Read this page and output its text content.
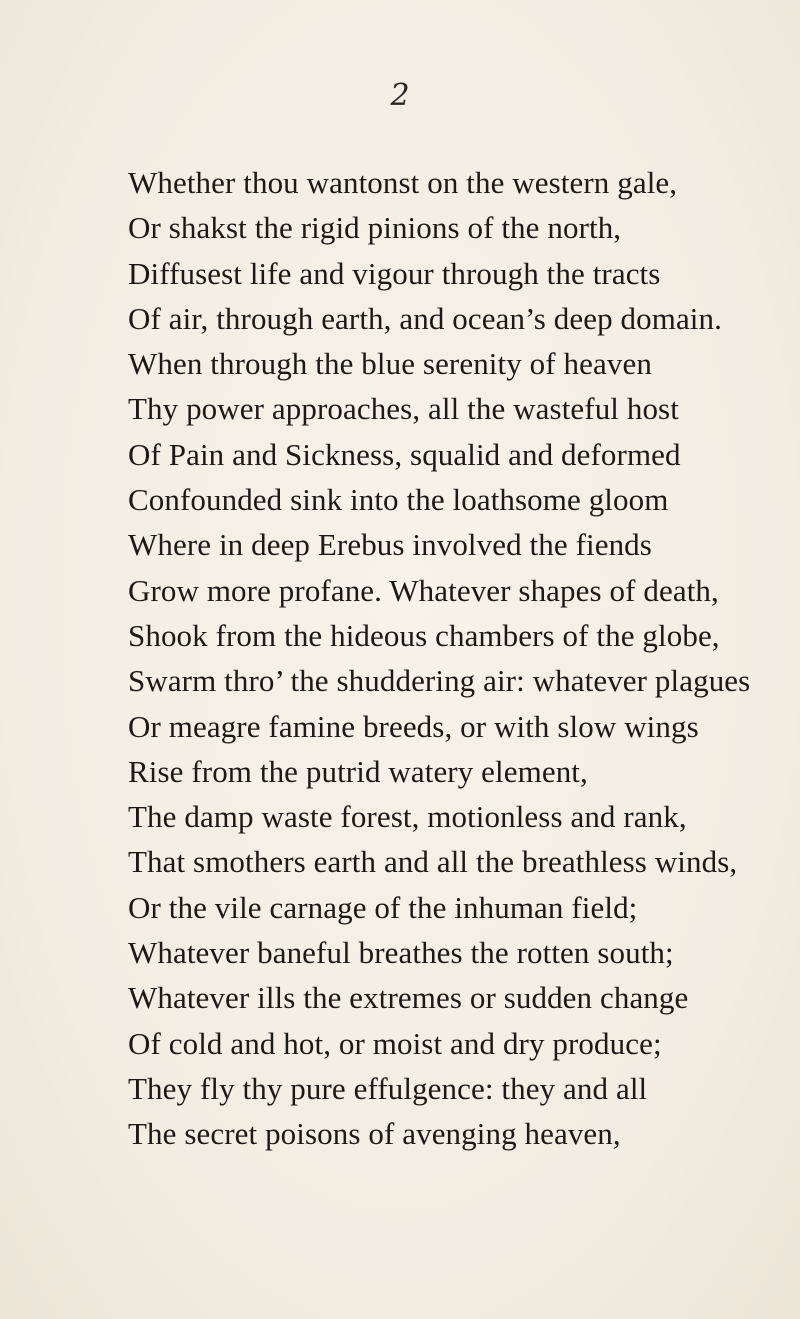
2
Whether thou wantonst on the western gale,
Or shakst the rigid pinions of the north,
Diffusest life and vigour through the tracts
Of air, through earth, and ocean’s deep domain.
When through the blue serenity of heaven
Thy power approaches, all the wasteful host
Of Pain and Sickness, squalid and deformed
Confounded sink into the loathsome gloom
Where in deep Erebus involved the fiends
Grow more profane. Whatever shapes of death,
Shook from the hideous chambers of the globe,
Swarm thro’ the shuddering air: whatever plagues
Or meagre famine breeds, or with slow wings
Rise from the putrid watery element,
The damp waste forest, motionless and rank,
That smothers earth and all the breathless winds,
Or the vile carnage of the inhuman field;
Whatever baneful breathes the rotten south;
Whatever ills the extremes or sudden change
Of cold and hot, or moist and dry produce;
They fly thy pure effulgence: they and all
The secret poisons of avenging heaven,
